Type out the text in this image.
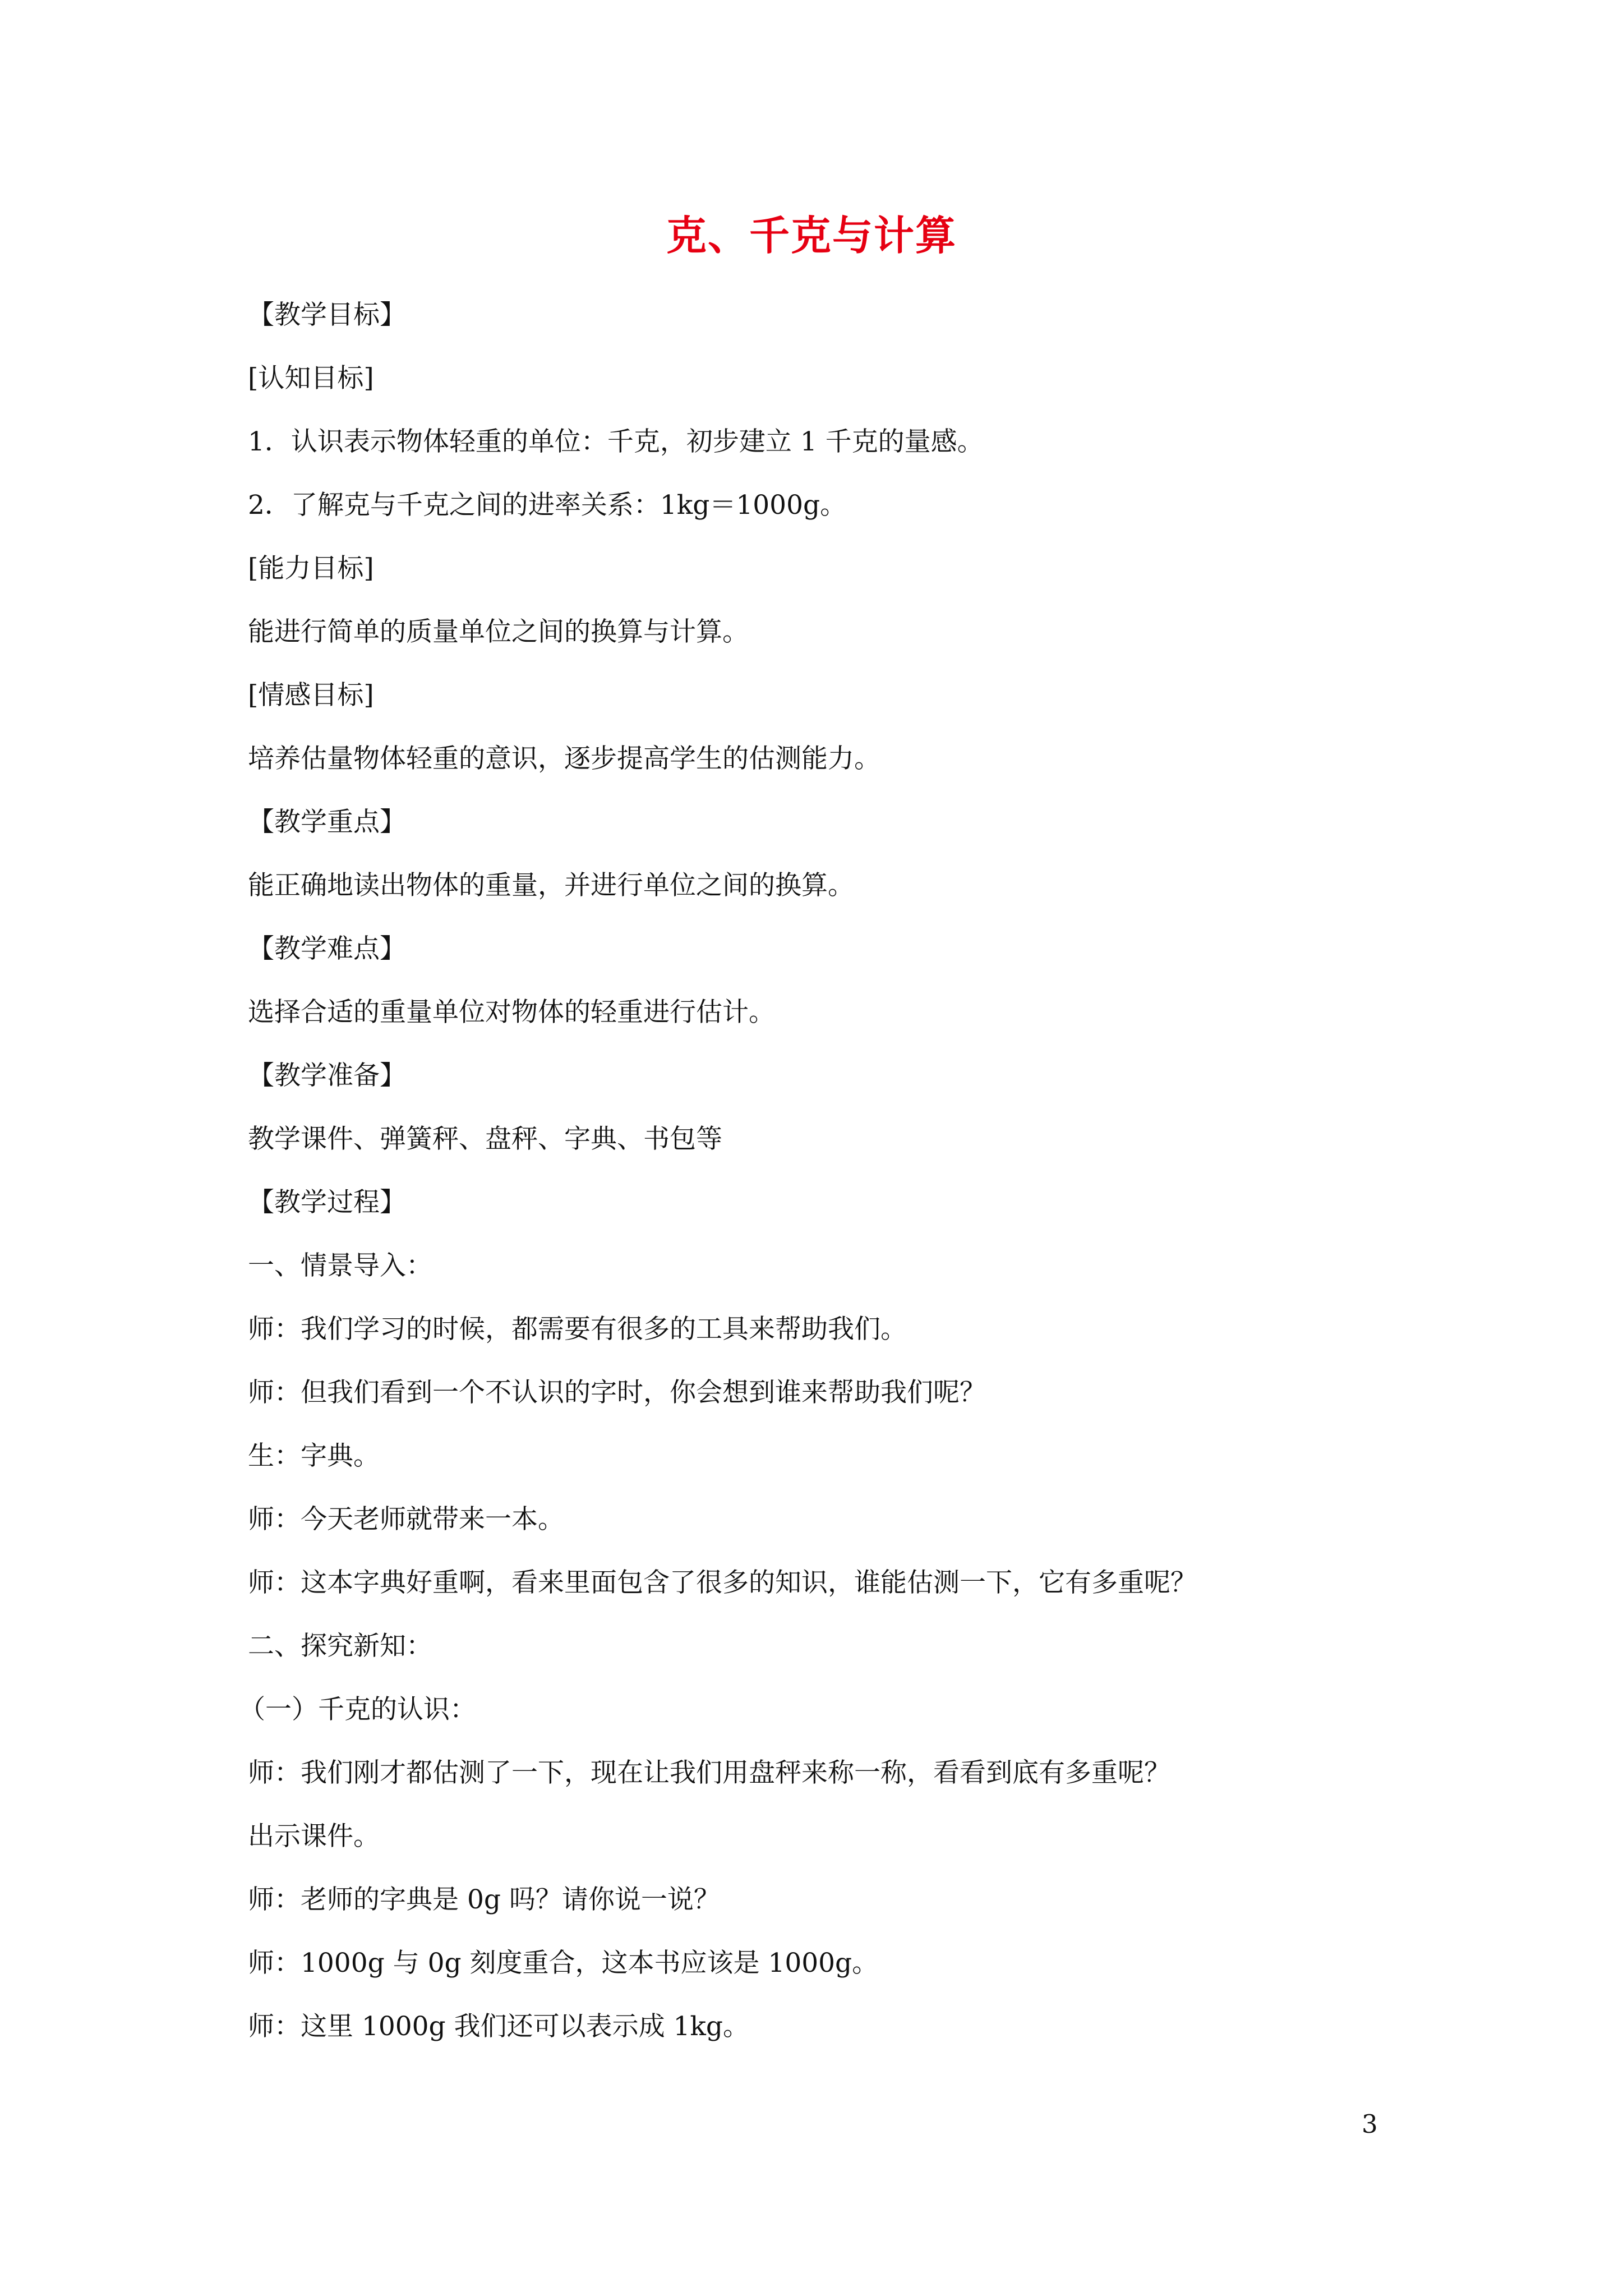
克、千克与计算

【教学目标】

[认知目标]

1．认识表示物体轻重的单位：千克，初步建立 1 千克的量感。

2．了解克与千克之间的进率关系：1kg＝1000g。

[能力目标]

能进行简单的质量单位之间的换算与计算。

[情感目标]

培养估量物体轻重的意识，逐步提高学生的估测能力。

【教学重点】

能正确地读出物体的重量，并进行单位之间的换算。

【教学难点】

选择合适的重量单位对物体的轻重进行估计。

【教学准备】

教学课件、弹簧秤、盘秤、字典、书包等

【教学过程】

一、情景导入：

师：我们学习的时候，都需要有很多的工具来帮助我们。

师：但我们看到一个不认识的字时，你会想到谁来帮助我们呢？

生：字典。

师：今天老师就带来一本。

师：这本字典好重啊，看来里面包含了很多的知识，谁能估测一下，它有多重呢？

二、探究新知：

（一）千克的认识：

师：我们刚才都估测了一下，现在让我们用盘秤来称一称，看看到底有多重呢？

出示课件。

师：老师的字典是 0g 吗？请你说一说？

师：1000g 与 0g 刻度重合，这本书应该是 1000g。

师：这里 1000g 我们还可以表示成 1kg。

3
